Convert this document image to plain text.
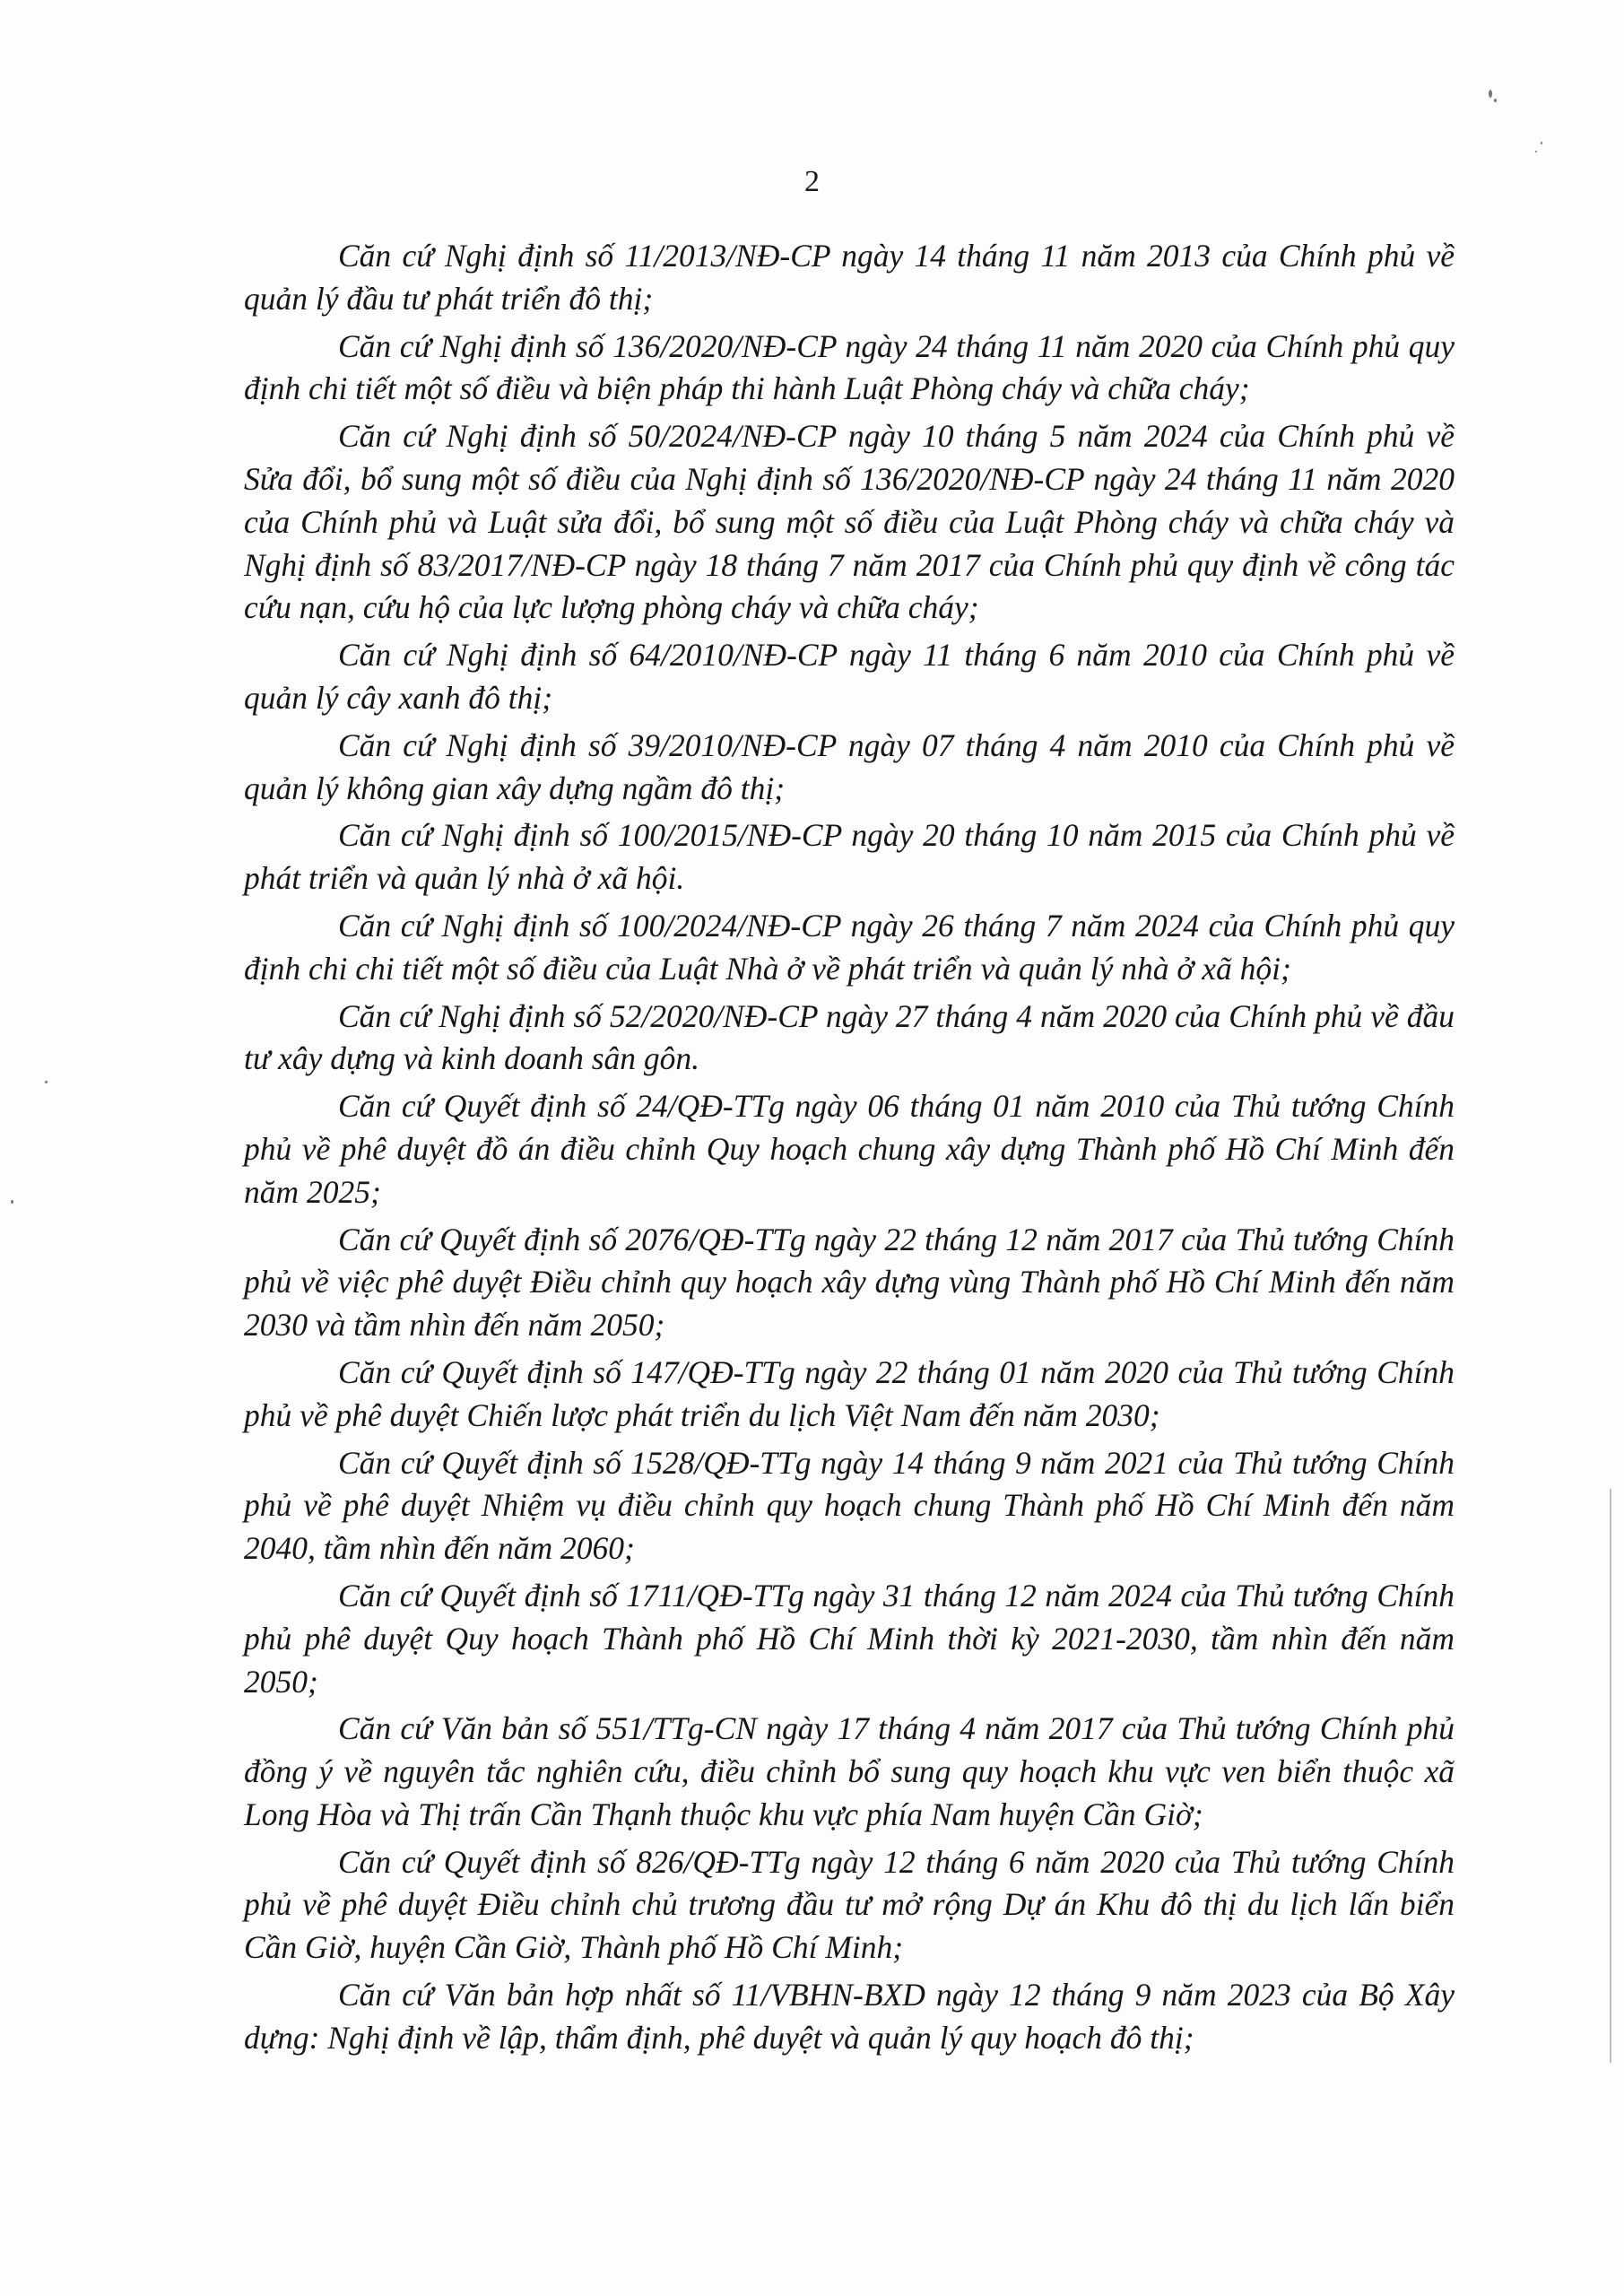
2

Căn cứ Nghị định số 11/2013/NĐ-CP ngày 14 tháng 11 năm 2013 của Chính phủ về quản lý đầu tư phát triển đô thị;

Căn cứ Nghị định số 136/2020/NĐ-CP ngày 24 tháng 11 năm 2020 của Chính phủ quy định chi tiết một số điều và biện pháp thi hành Luật Phòng cháy và chữa cháy;

Căn cứ Nghị định số 50/2024/NĐ-CP ngày 10 tháng 5 năm 2024 của Chính phủ về Sửa đổi, bổ sung một số điều của Nghị định số 136/2020/NĐ-CP ngày 24 tháng 11 năm 2020 của Chính phủ và Luật sửa đổi, bổ sung một số điều của Luật Phòng cháy và chữa cháy và Nghị định số 83/2017/NĐ-CP ngày 18 tháng 7 năm 2017 của Chính phủ quy định về công tác cứu nạn, cứu hộ của lực lượng phòng cháy và chữa cháy;

Căn cứ Nghị định số 64/2010/NĐ-CP ngày 11 tháng 6 năm 2010 của Chính phủ về quản lý cây xanh đô thị;

Căn cứ Nghị định số 39/2010/NĐ-CP ngày 07 tháng 4 năm 2010 của Chính phủ về quản lý không gian xây dựng ngầm đô thị;

Căn cứ Nghị định số 100/2015/NĐ-CP ngày 20 tháng 10 năm 2015 của Chính phủ về phát triển và quản lý nhà ở xã hội.

Căn cứ Nghị định số 100/2024/NĐ-CP ngày 26 tháng 7 năm 2024 của Chính phủ quy định chi chi tiết một số điều của Luật Nhà ở về phát triển và quản lý nhà ở xã hội;

Căn cứ Nghị định số 52/2020/NĐ-CP ngày 27 tháng 4 năm 2020 của Chính phủ về đầu tư xây dựng và kinh doanh sân gôn.

Căn cứ Quyết định số 24/QĐ-TTg ngày 06 tháng 01 năm 2010 của Thủ tướng Chính phủ về phê duyệt đồ án điều chỉnh Quy hoạch chung xây dựng Thành phố Hồ Chí Minh đến năm 2025;

Căn cứ Quyết định số 2076/QĐ-TTg ngày 22 tháng 12 năm 2017 của Thủ tướng Chính phủ về việc phê duyệt Điều chỉnh quy hoạch xây dựng vùng Thành phố Hồ Chí Minh đến năm 2030 và tầm nhìn đến năm 2050;

Căn cứ Quyết định số 147/QĐ-TTg ngày 22 tháng 01 năm 2020 của Thủ tướng Chính phủ về phê duyệt Chiến lược phát triển du lịch Việt Nam đến năm 2030;

Căn cứ Quyết định số 1528/QĐ-TTg ngày 14 tháng 9 năm 2021 của Thủ tướng Chính phủ về phê duyệt Nhiệm vụ điều chỉnh quy hoạch chung Thành phố Hồ Chí Minh đến năm 2040, tầm nhìn đến năm 2060;

Căn cứ Quyết định số 1711/QĐ-TTg ngày 31 tháng 12 năm 2024 của Thủ tướng Chính phủ phê duyệt Quy hoạch Thành phố Hồ Chí Minh thời kỳ 2021-2030, tầm nhìn đến năm 2050;

Căn cứ Văn bản số 551/TTg-CN ngày 17 tháng 4 năm 2017 của Thủ tướng Chính phủ đồng ý về nguyên tắc nghiên cứu, điều chỉnh bổ sung quy hoạch khu vực ven biển thuộc xã Long Hòa và Thị trấn Cần Thạnh thuộc khu vực phía Nam huyện Cần Giờ;

Căn cứ Quyết định số 826/QĐ-TTg ngày 12 tháng 6 năm 2020 của Thủ tướng Chính phủ về phê duyệt Điều chỉnh chủ trương đầu tư mở rộng Dự án Khu đô thị du lịch lấn biển Cần Giờ, huyện Cần Giờ, Thành phố Hồ Chí Minh;

Căn cứ Văn bản hợp nhất số 11/VBHN-BXD ngày 12 tháng 9 năm 2023 của Bộ Xây dựng: Nghị định về lập, thẩm định, phê duyệt và quản lý quy hoạch đô thị;
